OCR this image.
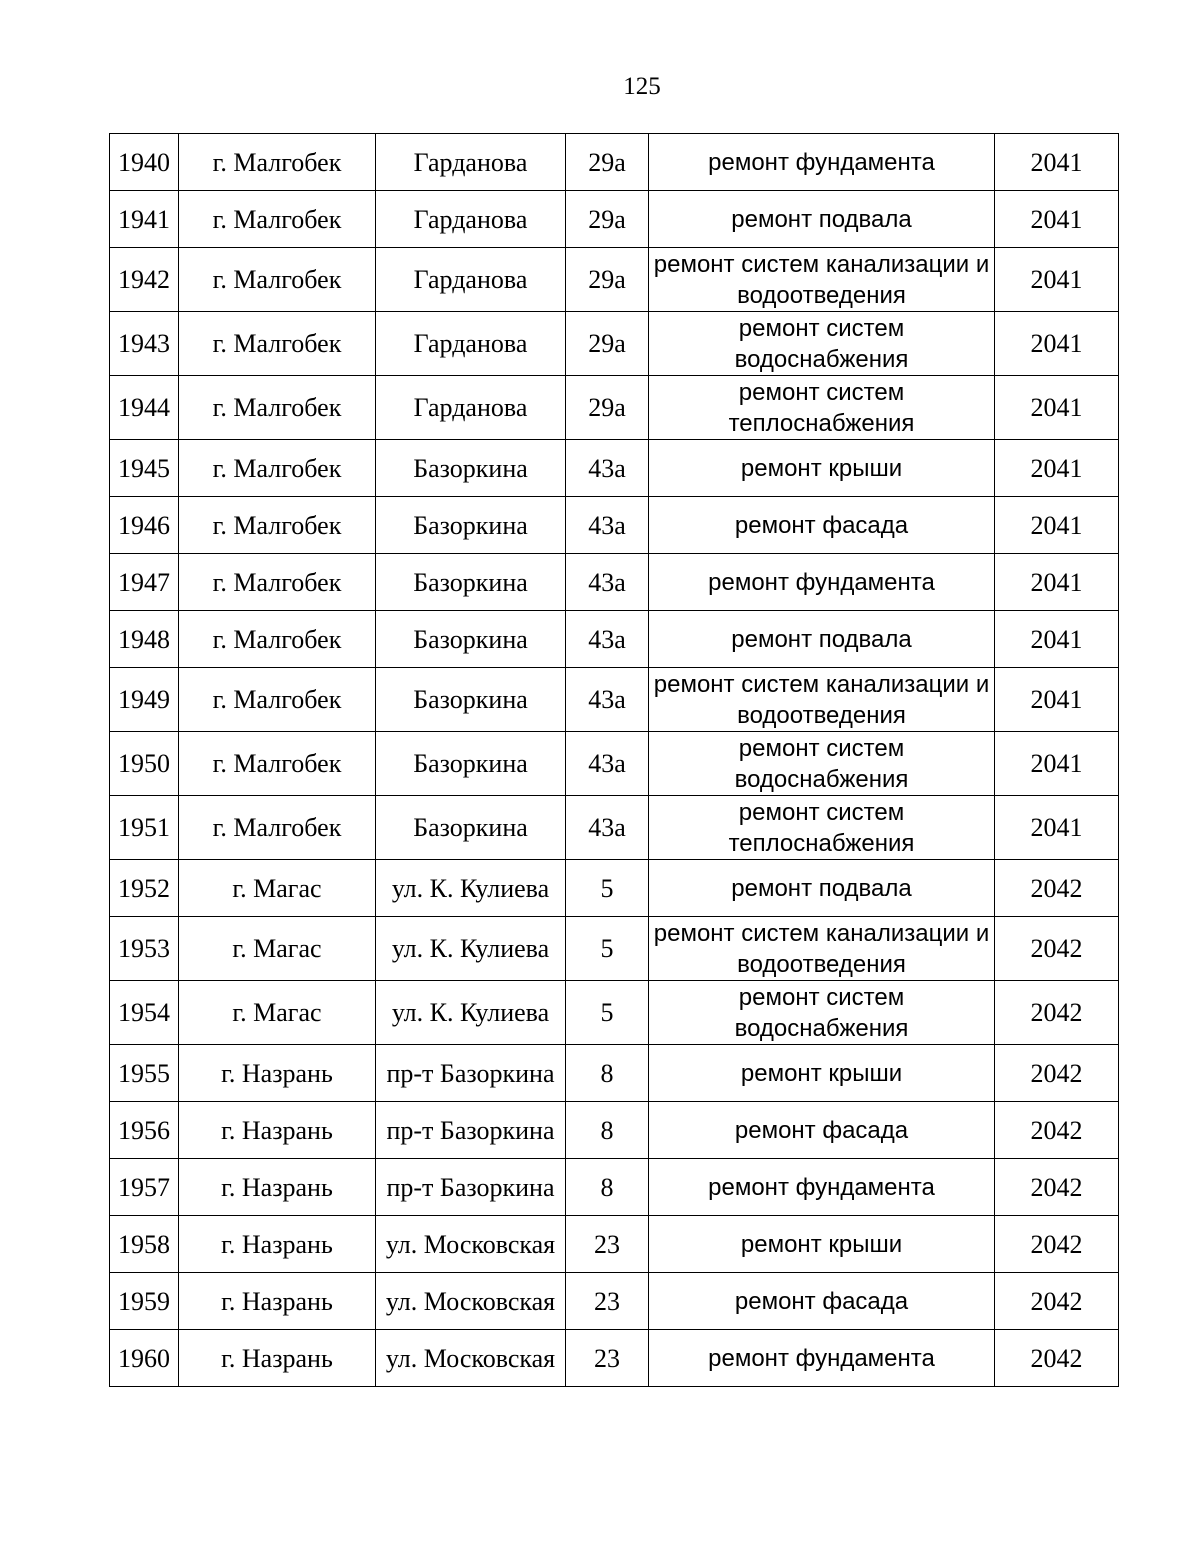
125
1940	г. Малгобек	Гарданова	29а	ремонт фундамента	2041
1941	г. Малгобек	Гарданова	29а	ремонт подвала	2041
1942	г. Малгобек	Гарданова	29а	ремонт систем канализации и водоотведения	2041
1943	г. Малгобек	Гарданова	29а	ремонт систем водоснабжения	2041
1944	г. Малгобек	Гарданова	29а	ремонт систем теплоснабжения	2041
1945	г. Малгобек	Базоркина	43а	ремонт крыши	2041
1946	г. Малгобек	Базоркина	43а	ремонт фасада	2041
1947	г. Малгобек	Базоркина	43а	ремонт фундамента	2041
1948	г. Малгобек	Базоркина	43а	ремонт подвала	2041
1949	г. Малгобек	Базоркина	43а	ремонт систем канализации и водоотведения	2041
1950	г. Малгобек	Базоркина	43а	ремонт систем водоснабжения	2041
1951	г. Малгобек	Базоркина	43а	ремонт систем теплоснабжения	2041
1952	г. Магас	ул. К. Кулиева	5	ремонт подвала	2042
1953	г. Магас	ул. К. Кулиева	5	ремонт систем канализации и водоотведения	2042
1954	г. Магас	ул. К. Кулиева	5	ремонт систем водоснабжения	2042
1955	г. Назрань	пр-т Базоркина	8	ремонт крыши	2042
1956	г. Назрань	пр-т Базоркина	8	ремонт фасада	2042
1957	г. Назрань	пр-т Базоркина	8	ремонт фундамента	2042
1958	г. Назрань	ул. Московская	23	ремонт крыши	2042
1959	г. Назрань	ул. Московская	23	ремонт фасада	2042
1960	г. Назрань	ул. Московская	23	ремонт фундамента	2042
